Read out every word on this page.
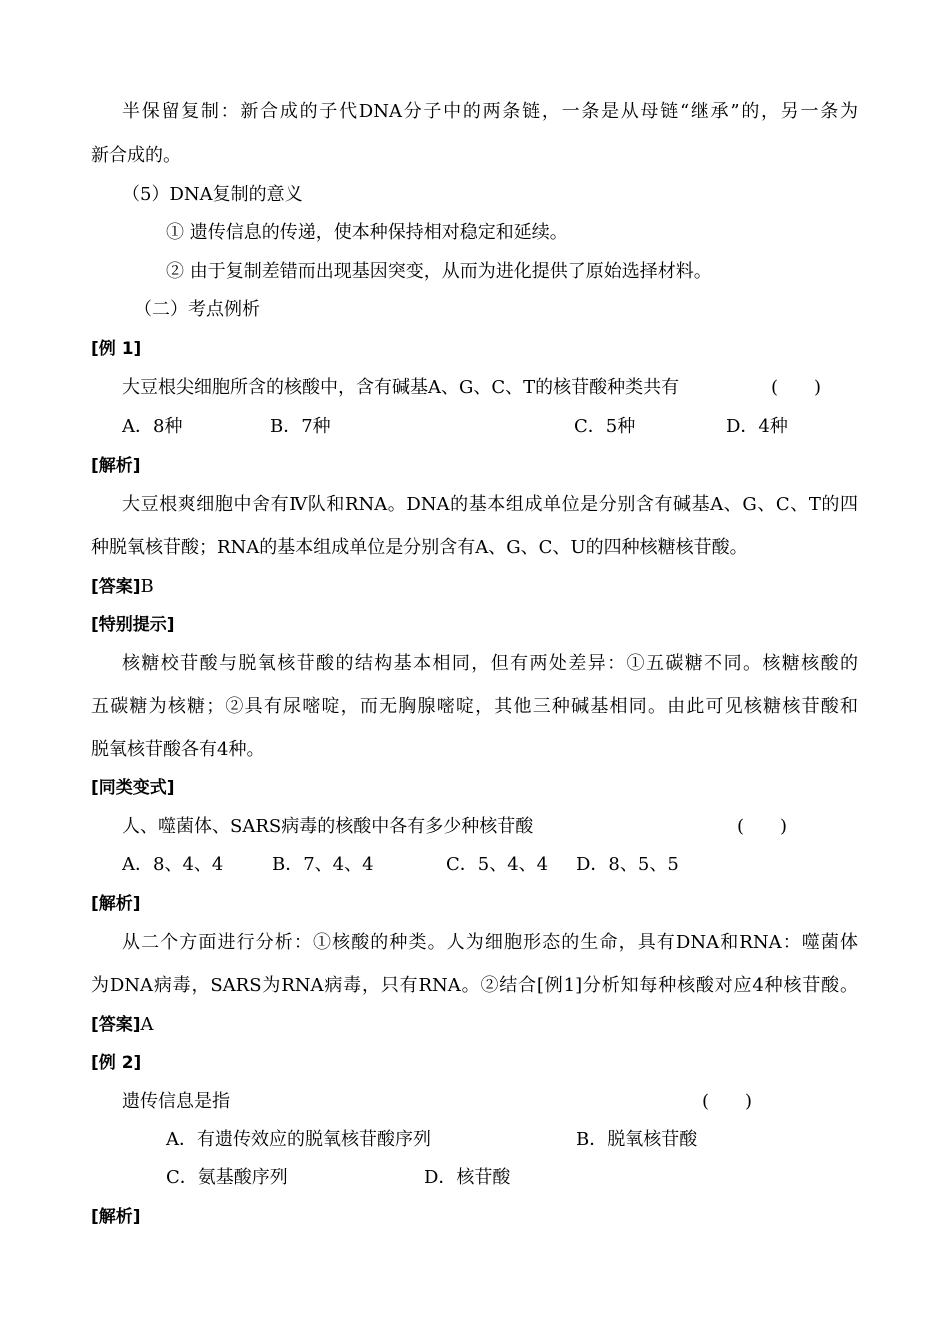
半保留复制：新合成的子代DNA分子中的两条链，一条是从母链“继承”的，另一条为
新合成的。
（5）DNA复制的意义
① 遗传信息的传递，使本种保持相对稳定和延续。
② 由于复制差错而出现基因突变，从而为进化提供了原始选择材料。
（二）考点例析
[例 1]
大豆根尖细胞所含的核酸中，含有碱基A、G、C、T的核苷酸种类共有	(　　)
A．8种	B．7种	C．5种	D．4种
[解析]
大豆根爽细胞中舍有Ⅳ队和RNA。DNA的基本组成单位是分别含有碱基A、G、C、T的四
种脱氧核苷酸；RNA的基本组成单位是分别含有A、G、C、U的四种核糖核苷酸。
[答案]B
[特别提示]
核糖校苷酸与脱氧核苷酸的结构基本相同，但有两处差异：①五碳糖不同。核糖核酸的
五碳糖为核糖；②具有尿嘧啶，而无胸腺嘧啶，其他三种碱基相同。由此可见核糖核苷酸和
脱氧核苷酸各有4种。
[同类变式]
人、噬菌体、SARS病毒的核酸中各有多少种核苷酸	(　　)
A．8、4、4	B．7、4、4	C．5、4、4 D．8、5、5
[解析]
从二个方面进行分析：①核酸的种类。人为细胞形态的生命，具有DNA和RNA：噬菌体
为DNA病毒，SARS为RNA病毒，只有RNA。②结合[例1]分析知每种核酸对应4种核苷酸。
[答案]A
[例 2]
遗传信息是指	(　　)
A．有遗传效应的脱氧核苷酸序列	B．脱氧核苷酸
C．氨基酸序列	D．核苷酸
[解析]
